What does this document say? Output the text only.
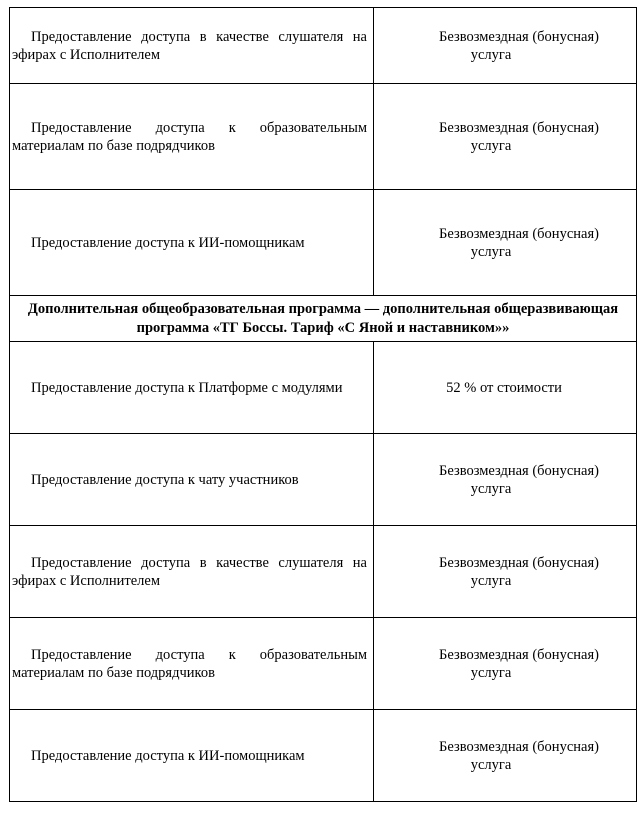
Предоставление доступа в качестве слушателя на
эфирах с Исполнителем	Безвозмездная (бонусная)
услуга

Предоставление доступа к образовательным
материалам по базе подрядчиков	Безвозмездная (бонусная)
услуга

Предоставление доступа к ИИ-помощникам	Безвозмездная (бонусная)
услуга

Дополнительная общеобразовательная программа — дополнительная общеразвивающая
программа «ТГ Боссы. Тариф «С Яной и наставником»»	

Предоставление доступа к Платформе с модулями	52 % от стоимости

Предоставление доступа к чату участников	Безвозмездная (бонусная)
услуга

Предоставление доступа в качестве слушателя на
эфирах с Исполнителем	Безвозмездная (бонусная)
услуга

Предоставление доступа к образовательным
материалам по базе подрядчиков	Безвозмездная (бонусная)
услуга

Предоставление доступа к ИИ-помощникам	Безвозмездная (бонусная)
услуга
